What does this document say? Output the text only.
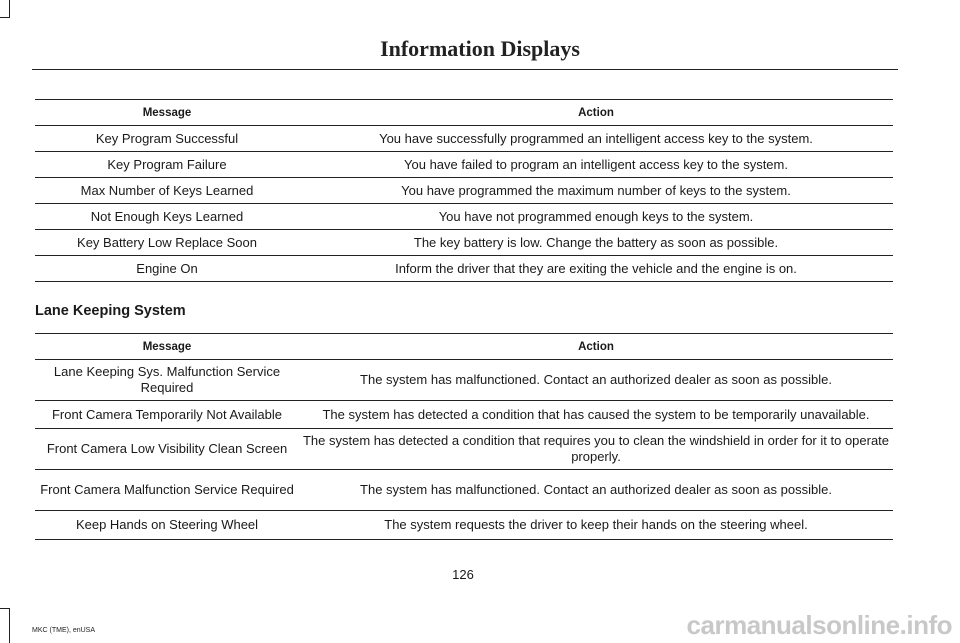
Information Displays
Message	Action
Key Program Successful	You have successfully programmed an intelligent access key to the system.
Key Program Failure	You have failed to program an intelligent access key to the system.
Max Number of Keys Learned	You have programmed the maximum number of keys to the system.
Not Enough Keys Learned	You have not programmed enough keys to the system.
Key Battery Low Replace Soon	The key battery is low. Change the battery as soon as possible.
Engine On	Inform the driver that they are exiting the vehicle and the engine is on.
Lane Keeping System
Message	Action
Lane Keeping Sys. Malfunction Service Required	The system has malfunctioned. Contact an authorized dealer as soon as possible.
Front Camera Temporarily Not Available	The system has detected a condition that has caused the system to be temporarily unavailable.
Front Camera Low Visibility Clean Screen	The system has detected a condition that requires you to clean the windshield in order for it to operate properly.
Front Camera Malfunction Service Required	The system has malfunctioned. Contact an authorized dealer as soon as possible.
Keep Hands on Steering Wheel	The system requests the driver to keep their hands on the steering wheel.
126
MKC (TME), enUSA	carmanualsonline.info
